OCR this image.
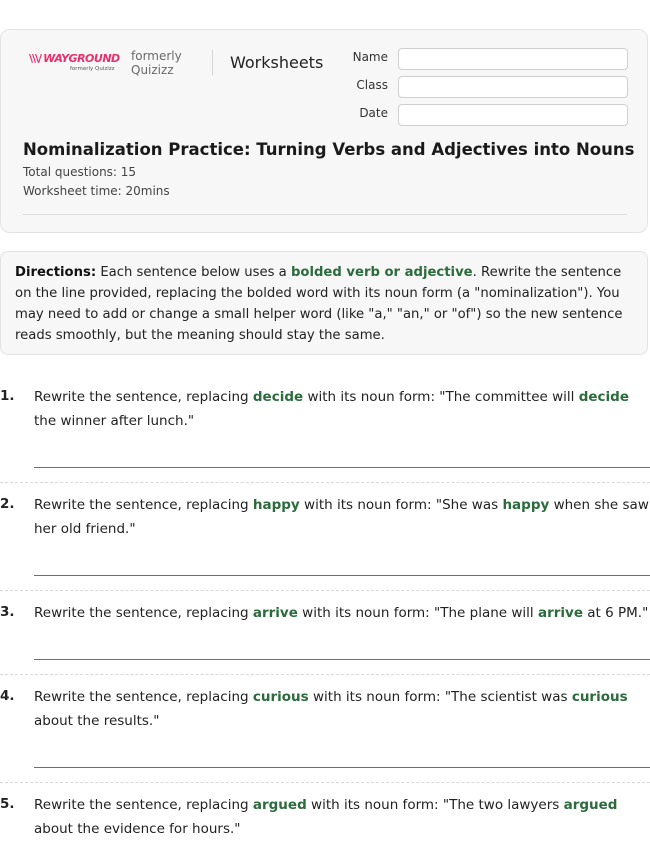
\\\/ WAYGROUND
formerly Quizizz
formerly
Quizizz	Worksheets Name
Class
Date
Nominalization Practice: Turning Verbs and Adjectives into Nouns
Total questions: 15
Worksheet time: 20mins
Directions: Each sentence below uses a bolded verb or adjective. Rewrite the sentence on the line provided, replacing the bolded word with its noun form (a "nominalization"). You may need to add or change a small helper word (like "a," "an," or "of") so the new sentence reads smoothly, but the meaning should stay the same.
1. Rewrite the sentence, replacing decide with its noun form: "The committee will decide the winner after lunch."
2. Rewrite the sentence, replacing happy with its noun form: "She was happy when she saw her old friend."
3. Rewrite the sentence, replacing arrive with its noun form: "The plane will arrive at 6 PM."
4. Rewrite the sentence, replacing curious with its noun form: "The scientist was curious about the results."
5. Rewrite the sentence, replacing argued with its noun form: "The two lawyers argued about the evidence for hours."
